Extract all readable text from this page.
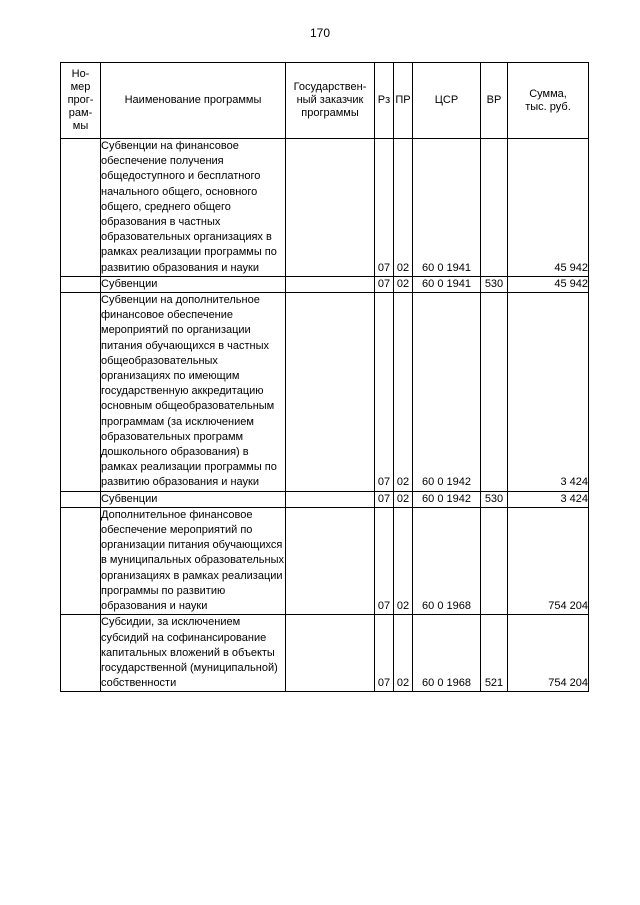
170
Но-
мер
прог-
рам-
мы	Наименование программы	Государствен-
ный заказчик
программы	Рз	ПР	ЦСР	ВР	Сумма,
тыс. руб.
	Субвенции на финансовое обеспечение получения общедоступного и бесплатного начального общего, основного общего, среднего общего образования в частных образовательных организациях в рамках реализации программы по развитию образования и науки		07	02	60 0 1941		45 942
	Субвенции		07	02	60 0 1941	530	45 942
	Субвенции на дополнительное финансовое обеспечение мероприятий по организации питания обучающихся в частных общеобразовательных организациях по имеющим государственную аккредитацию основным общеобразовательным программам (за исключением образовательных программ дошкольного образования) в рамках реализации программы по развитию образования и науки		07	02	60 0 1942		3 424
	Субвенции		07	02	60 0 1942	530	3 424
	Дополнительное финансовое обеспечение мероприятий по организации питания обучающихся в муниципальных образовательных организациях в рамках реализации программы по развитию образования и науки		07	02	60 0 1968		754 204
	Субсидии, за исключением субсидий на софинансирование капитальных вложений в объекты государственной (муниципальной) собственности		07	02	60 0 1968	521	754 204
